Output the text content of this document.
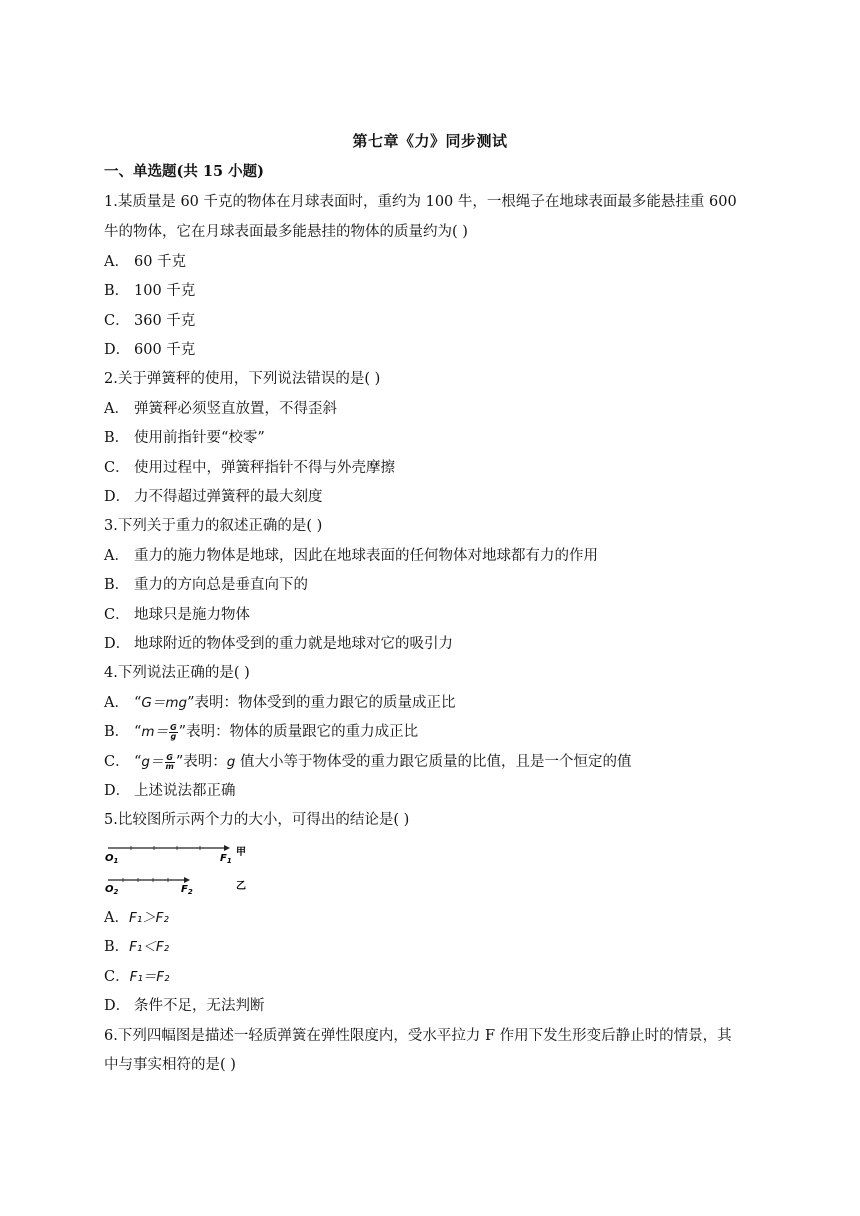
第七章《力》同步测试
一、单选题(共 15 小题)
1.某质量是 60 千克的物体在月球表面时，重约为 100 牛，一根绳子在地球表面最多能悬挂重 600
牛的物体，它在月球表面最多能悬挂的物体的质量约为( )
A． 60 千克
B． 100 千克
C． 360 千克
D． 600 千克
2.关于弹簧秤的使用，下列说法错误的是( )
A． 弹簧秤必须竖直放置，不得歪斜
B． 使用前指针要“校零”
C． 使用过程中，弹簧秤指针不得与外壳摩擦
D． 力不得超过弹簧秤的最大刻度
3.下列关于重力的叙述正确的是( )
A． 重力的施力物体是地球，因此在地球表面的任何物体对地球都有力的作用
B． 重力的方向总是垂直向下的
C． 地球只是施力物体
D． 地球附近的物体受到的重力就是地球对它的吸引力
4.下列说法正确的是( )
A． “G＝mg”表明：物体受到的重力跟它的质量成正比
B． “$m= \frac{G}{g}$ ”表明：物体的质量跟它的重力成正比
C． “$g= \frac{G}{m}$ ”表明：g 值大小等于物体受的重力跟它质量的比值，且是一个恒定的值
D． 上述说法都正确
5.比较图所示两个力的大小，可得出的结论是( )
$O_1$	$F_1$
甲
$O_2$	$F_2$	乙
A．F₁＞F₂
B．F₁＜F₂
C．F₁＝F₂
D． 条件不足，无法判断
6.下列四幅图是描述一轻质弹簧在弹性限度内，受水平拉力 F 作用下发生形变后静止时的情景，其
中与事实相符的是( )
